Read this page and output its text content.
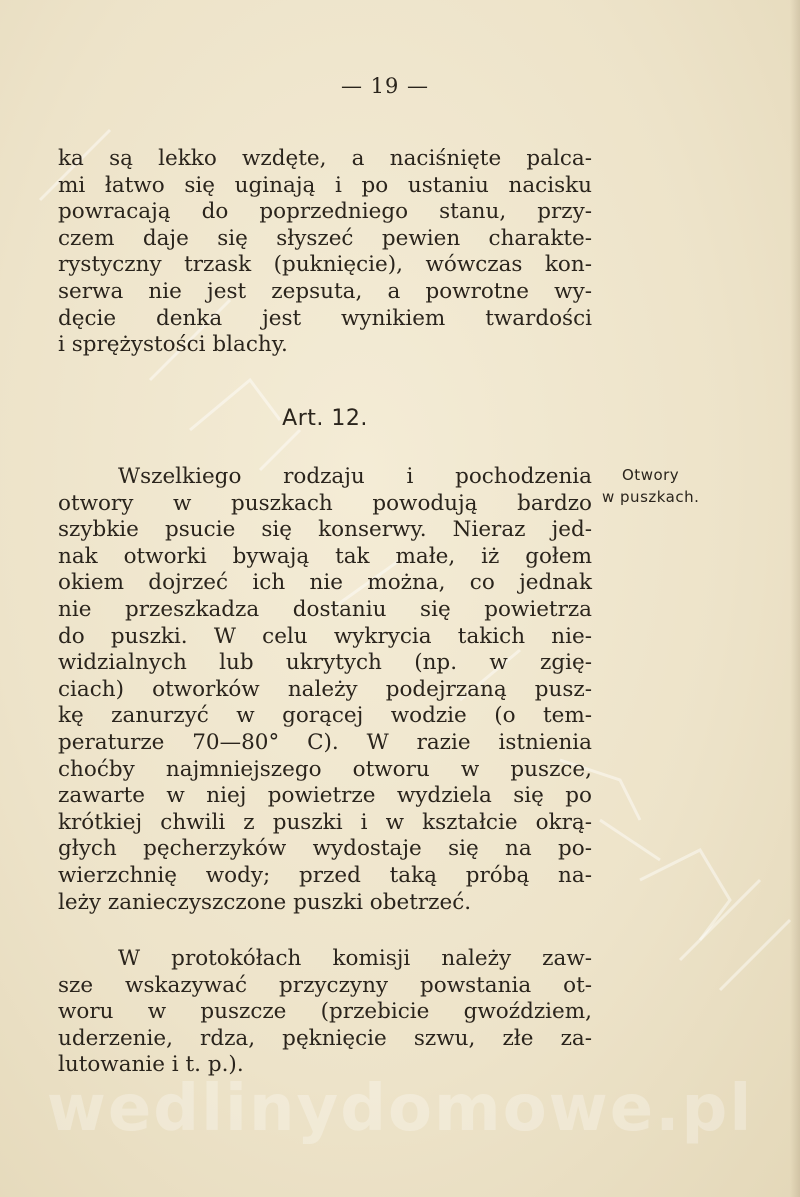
— 19 —
ka są lekko wzdęte, a naciśnięte palca-
mi łatwo się uginają i po ustaniu nacisku
powracają do poprzedniego stanu, przy-
czem daje się słyszeć pewien charakte-
rystyczny trzask (puknięcie), wówczas kon-
serwa nie jest zepsuta, a powrotne wy-
dęcie denka jest wynikiem twardości
i sprężystości blachy.
Art. 12.
Otwory
w puszkach.
Wszelkiego rodzaju i pochodzenia
otwory w puszkach powodują bardzo
szybkie psucie się konserwy. Nieraz jed-
nak otworki bywają tak małe, iż gołem
okiem dojrzeć ich nie można, co jednak
nie przeszkadza dostaniu się powietrza
do puszki. W celu wykrycia takich nie-
widzialnych lub ukrytych (np. w zgię-
ciach) otworków należy podejrzaną pusz-
kę zanurzyć w gorącej wodzie (o tem-
peraturze 70—80° C). W razie istnienia
choćby najmniejszego otworu w puszce,
zawarte w niej powietrze wydziela się po
krótkiej chwili z puszki i w kształcie okrą-
głych pęcherzyków wydostaje się na po-
wierzchnię wody; przed taką próbą na-
leży zanieczyszczone puszki obetrzeć.
W protokółach komisji należy zaw-
sze wskazywać przyczyny powstania ot-
woru w puszcze (przebicie gwoździem,
uderzenie, rdza, pęknięcie szwu, złe za-
lutowanie i t. p.).
wedlinydomowe.pl
